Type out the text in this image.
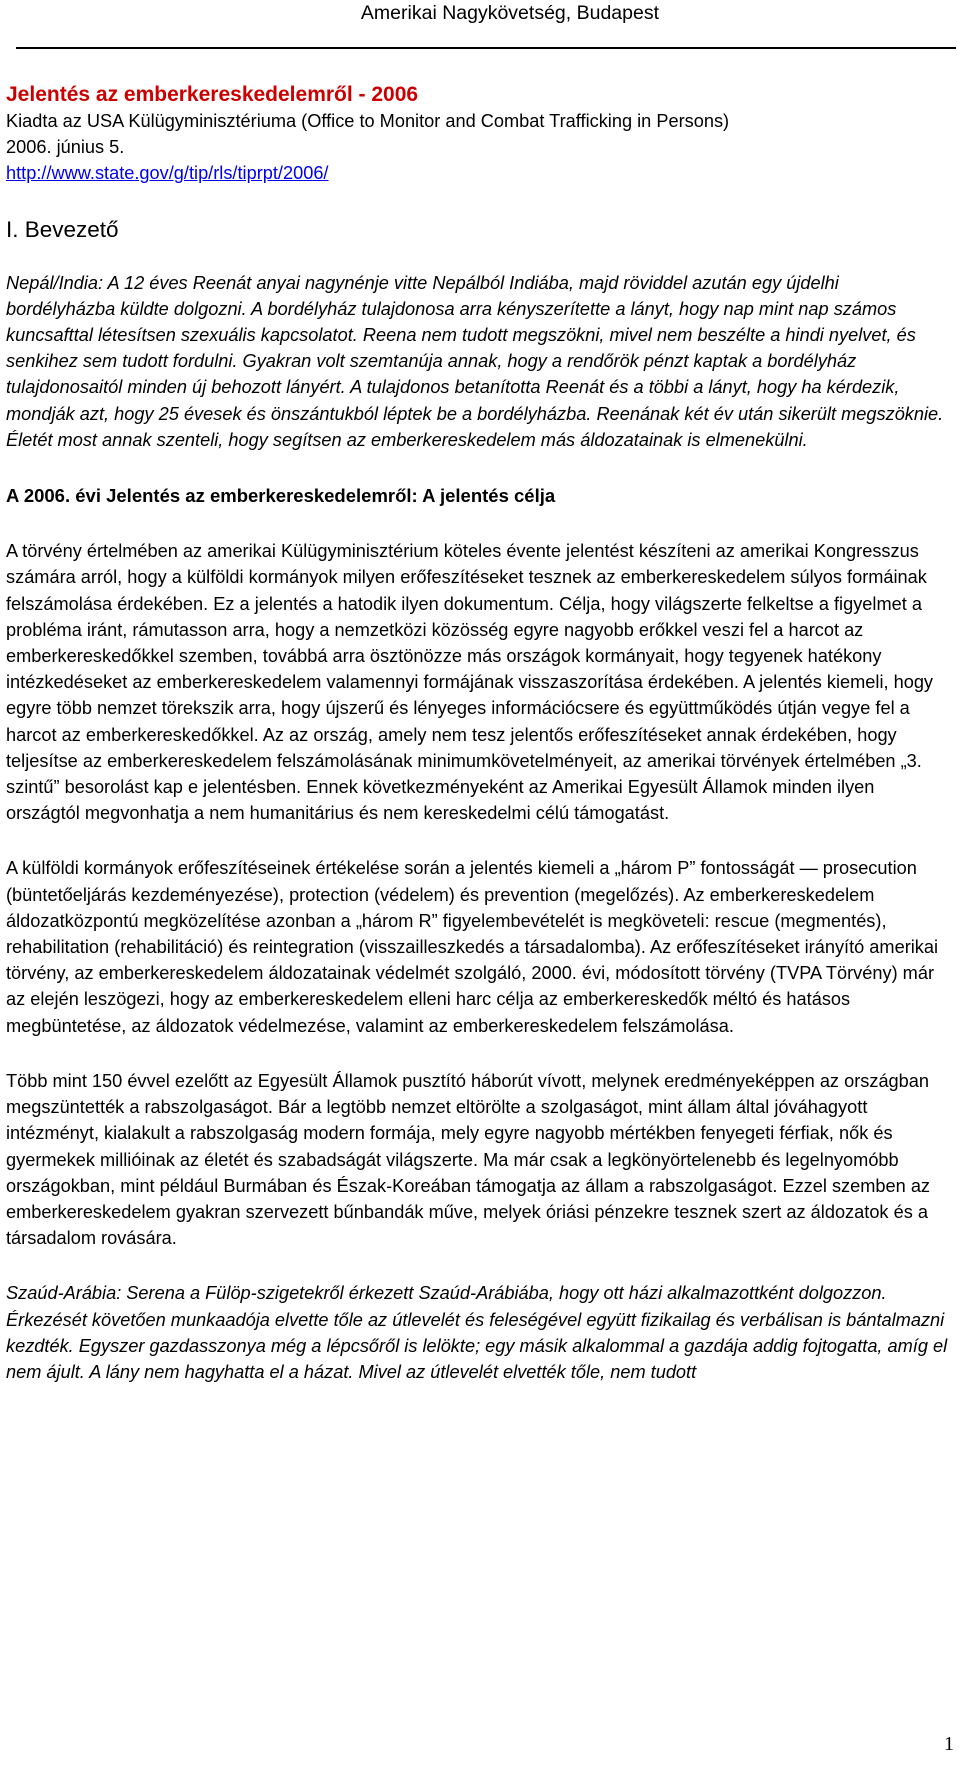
Amerikai Nagykövetség, Budapest
Jelentés az emberkereskedelemről - 2006

Kiadta az USA Külügyminisztériuma (Office to Monitor and Combat Trafficking in Persons)

2006. június 5.

http://www.state.gov/g/tip/rls/tiprpt/2006/

I. Bevezető

Nepál/India: A 12 éves Reenát anyai nagynénje vitte Nepálból Indiába, majd röviddel azután egy újdelhi bordélyházba küldte dolgozni. A bordélyház tulajdonosa arra kényszerítette a lányt, hogy nap mint nap számos kuncsafttal létesítsen szexuális kapcsolatot. Reena nem tudott megszökni, mivel nem beszélte a hindi nyelvet, és senkihez sem tudott fordulni. Gyakran volt szemtanúja annak, hogy a rendőrök pénzt kaptak a bordélyház tulajdonosaitól minden új behozott lányért. A tulajdonos betanította Reenát és a többi a lányt, hogy ha kérdezik, mondják azt, hogy 25 évesek és önszántukból léptek be a bordélyházba. Reenának két év után sikerült megszöknie. Életét most annak szenteli, hogy segítsen az emberkereskedelem más áldozatainak is elmenekülni.

A 2006. évi Jelentés az emberkereskedelemről: A jelentés célja

A törvény értelmében az amerikai Külügyminisztérium köteles évente jelentést készíteni az amerikai Kongresszus számára arról, hogy a külföldi kormányok milyen erőfeszítéseket tesznek az emberkereskedelem súlyos formáinak felszámolása érdekében. Ez a jelentés a hatodik ilyen dokumentum. Célja, hogy világszerte felkeltse a figyelmet a probléma iránt, rámutasson arra, hogy a nemzetközi közösség egyre nagyobb erőkkel veszi fel a harcot az emberkereskedőkkel szemben, továbbá arra ösztönözze más országok kormányait, hogy tegyenek hatékony intézkedéseket az emberkereskedelem valamennyi formájának visszaszorítása érdekében. A jelentés kiemeli, hogy egyre több nemzet törekszik arra, hogy újszerű és lényeges információcsere és együttműködés útján vegye fel a harcot az emberkereskedőkkel. Az az ország, amely nem tesz jelentős erőfeszítéseket annak érdekében, hogy teljesítse az emberkereskedelem felszámolásának minimumkövetelményeit, az amerikai törvények értelmében „3. szintű” besorolást kap e jelentésben. Ennek következményeként az Amerikai Egyesült Államok minden ilyen országtól megvonhatja a nem humanitárius és nem kereskedelmi célú támogatást.

A külföldi kormányok erőfeszítéseinek értékelése során a jelentés kiemeli a „három P” fontosságát — prosecution (büntetőeljárás kezdeményezése), protection (védelem) és prevention (megelőzés). Az emberkereskedelem áldozatközpontú megközelítése azonban a „három R” figyelembevételét is megköveteli: rescue (megmentés), rehabilitation (rehabilitáció) és reintegration (visszailleszkedés a társadalomba). Az erőfeszítéseket irányító amerikai törvény, az emberkereskedelem áldozatainak védelmét szolgáló, 2000. évi, módosított törvény (TVPA Törvény) már az elején leszögezi, hogy az emberkereskedelem elleni harc célja az emberkereskedők méltó és hatásos megbüntetése, az áldozatok védelmezése, valamint az emberkereskedelem felszámolása.

Több mint 150 évvel ezelőtt az Egyesült Államok pusztító háborút vívott, melynek eredményeképpen az országban megszüntették a rabszolgaságot. Bár a legtöbb nemzet eltörölte a szolgaságot, mint állam által jóváhagyott intézményt, kialakult a rabszolgaság modern formája, mely egyre nagyobb mértékben fenyegeti férfiak, nők és gyermekek millióinak az életét és szabadságát világszerte. Ma már csak a legkönyörtelenebb és legelnyomóbb országokban, mint például Burmában és Észak-Koreában támogatja az állam a rabszolgaságot. Ezzel szemben az emberkereskedelem gyakran szervezett bűnbandák műve, melyek óriási pénzekre tesznek szert az áldozatok és a társadalom rovására.

Szaúd-Arábia: Serena a Fülöp-szigetekről érkezett Szaúd-Arábiába, hogy ott házi alkalmazottként dolgozzon. Érkezését követően munkaadója elvette tőle az útlevelét és feleségével együtt fizikailag és verbálisan is bántalmazni kezdték. Egyszer gazdasszonya még a lépcsőről is lelökte; egy másik alkalommal a gazdája addig fojtogatta, amíg el nem ájult. A lány nem hagyhatta el a házat. Mivel az útlevelét elvették tőle, nem tudott

1
